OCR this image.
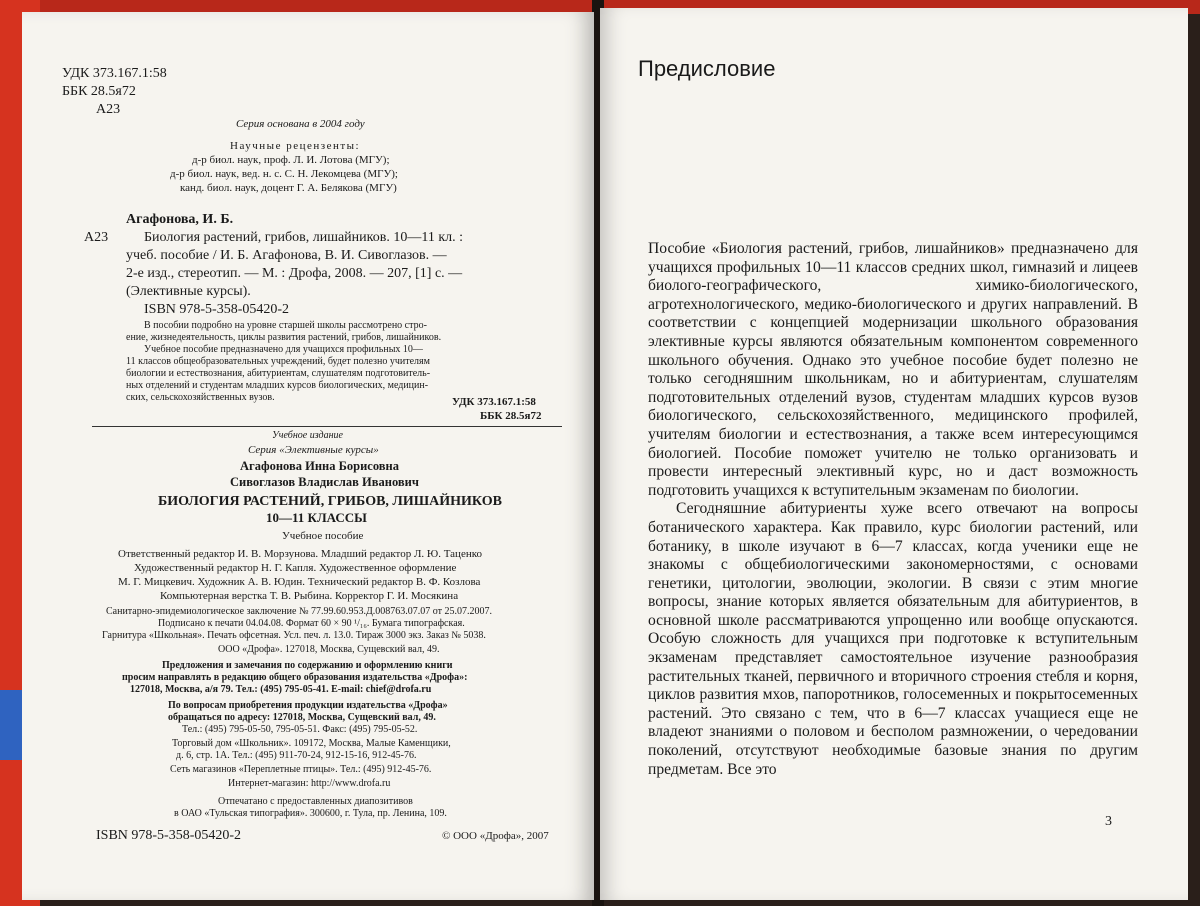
УДК 373.167.1:58
ББК 28.5я72
А23
Серия основана в 2004 году
Научные рецензенты:
д-р биол. наук, проф. Л. И. Лотова (МГУ);
д-р биол. наук, вед. н. с. С. Н. Лекомцева (МГУ);
канд. биол. наук, доцент Г. А. Белякова (МГУ)
Агафонова, И. Б.
А23	Биология растений, грибов, лишайников. 10—11 кл. :
учеб. пособие / И. Б. Агафонова, В. И. Сивоглазов. —
2-е изд., стереотип. — М. : Дрофа, 2008. — 207, [1] с. —
(Элективные курсы).
ISBN 978-5-358-05420-2
В пособии подробно на уровне старшей школы рассмотрено стро-
ение, жизнедеятельность, циклы развития растений, грибов, лишайников.
Учебное пособие предназначено для учащихся профильных 10—
11 классов общеобразовательных учреждений, будет полезно учителям
биологии и естествознания, абитуриентам, слушателям подготовитель-
ных отделений и студентам младших курсов биологических, медицин-
ских, сельскохозяйственных вузов.	УДК 373.167.1:58
ББК 28.5я72
Учебное издание
Серия «Элективные курсы»
Агафонова Инна Борисовна
Сивоглазов Владислав Иванович
БИОЛОГИЯ РАСТЕНИЙ, ГРИБОВ, ЛИШАЙНИКОВ
10—11 КЛАССЫ
Учебное пособие
Ответственный редактор И. В. Морзунова. Младший редактор Л. Ю. Таценко
Художественный редактор Н. Г. Капля. Художественное оформление
М. Г. Мицкевич. Художник А. В. Юдин. Технический редактор В. Ф. Козлова
Компьютерная верстка Т. В. Рыбина. Корректор Г. И. Мосякина
Санитарно-эпидемиологическое заключение № 77.99.60.953.Д.008763.07.07 от 25.07.2007.
Подписано к печати 04.04.08. Формат 60 × 90 ¹/₁₆. Бумага типографская.
Гарнитура «Школьная». Печать офсетная. Усл. печ. л. 13.0. Тираж 3000 экз. Заказ № 5038.
ООО «Дрофа». 127018, Москва, Сущевский вал, 49.
Предложения и замечания по содержанию и оформлению книги
просим направлять в редакцию общего образования издательства «Дрофа»:
127018, Москва, а/я 79. Тел.: (495) 795-05-41. E-mail: chief@drofa.ru
По вопросам приобретения продукции издательства «Дрофа»
обращаться по адресу: 127018, Москва, Сущевский вал, 49.
Тел.: (495) 795-05-50, 795-05-51. Факс: (495) 795-05-52.
Торговый дом «Школьник». 109172, Москва, Малые Каменщики,
д. 6, стр. 1А. Тел.: (495) 911-70-24, 912-15-16, 912-45-76.
Сеть магазинов «Переплетные птицы». Тел.: (495) 912-45-76.
Интернет-магазин: http://www.drofa.ru
Отпечатано с предоставленных диапозитивов
в ОАО «Тульская типография». 300600, г. Тула, пр. Ленина, 109.
ISBN 978-5-358-05420-2	© ООО «Дрофа», 2007
Предисловие

Пособие «Биология растений, грибов, лишайников» предназначено для учащихся профильных 10—11 классов средних школ, гимназий и лицеев биолого-географического, химико-биологического, агротехнологического, медико-биологического и других направлений. В соответствии с концепцией модернизации школьного образования элективные курсы являются обязательным компонентом современного школьного обучения. Однако это учебное пособие будет полезно не только сегодняшним школьникам, но и абитуриентам, слушателям подготовительных отделений вузов, студентам младших курсов вузов биологического, сельскохозяйственного, медицинского профилей, учителям биологии и естествознания, а также всем интересующимся биологией. Пособие поможет учителю не только организовать и провести интересный элективный курс, но и даст возможность подготовить учащихся к вступительным экзаменам по биологии.

Сегодняшние абитуриенты хуже всего отвечают на вопросы ботанического характера. Как правило, курс биологии растений, или ботанику, в школе изучают в 6—7 классах, когда ученики еще не знакомы с общебиологическими закономерностями, с основами генетики, цитологии, эволюции, экологии. В связи с этим многие вопросы, знание которых является обязательным для абитуриентов, в основной школе рассматриваются упрощенно или вообще опускаются. Особую сложность для учащихся при подготовке к вступительным экзаменам представляет самостоятельное изучение разнообразия растительных тканей, первичного и вторичного строения стебля и корня, циклов развития мхов, папоротников, голосеменных и покрытосеменных растений. Это связано с тем, что в 6—7 классах учащиеся еще не владеют знаниями о половом и бесполом размножении, о чередовании поколений, отсутствуют необходимые базовые знания по другим предметам. Все это

3
